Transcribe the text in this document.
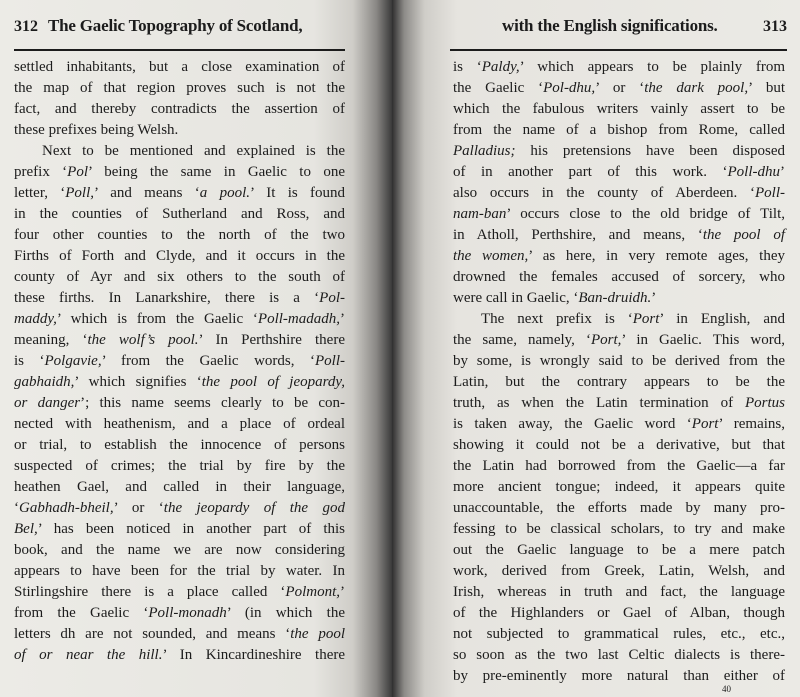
312 The Gaelic Topography of Scotland,
settled inhabitants, but a close examination of
the map of that region proves such is not the
fact, and thereby contradicts the assertion of
these prefixes being Welsh.
Next to be mentioned and explained is the
prefix ‘Pol’ being the same in Gaelic to one
letter, ‘Poll,’ and means ‘a pool.’ It is found
in the counties of Sutherland and Ross, and
four other counties to the north of the two
Firths of Forth and Clyde, and it occurs in the
county of Ayr and six others to the south of
these firths. In Lanarkshire, there is a ‘Pol-
maddy,’ which is from the Gaelic ‘Poll-madadh,’
meaning, ‘the wolf’s pool.’ In Perthshire there
is ‘Polgavie,’ from the Gaelic words, ‘Poll-
gabhaidh,’ which signifies ‘the pool of jeopardy,
or danger’; this name seems clearly to be con-
nected with heathenism, and a place of ordeal
or trial, to establish the innocence of persons
suspected of crimes; the trial by fire by the
heathen Gael, and called in their language,
‘Gabhadh-bheil,’ or ‘the jeopardy of the god
Bel,’ has been noticed in another part of this
book, and the name we are now considering
appears to have been for the trial by water. In
Stirlingshire there is a place called ‘Polmont,’
from the Gaelic ‘Poll-monadh’ (in which the
letters dh are not sounded, and means ‘the pool
of or near the hill.’ In Kincardineshire there
with the English significations.	313
is ‘Paldy,’ which appears to be plainly from
the Gaelic ‘Pol-dhu,’ or ‘the dark pool,’ but
which the fabulous writers vainly assert to be
from the name of a bishop from Rome, called
Palladius; his pretensions have been disposed
of in another part of this work. ‘Poll-dhu’
also occurs in the county of Aberdeen. ‘Poll-
nam-ban’ occurs close to the old bridge of Tilt,
in Atholl, Perthshire, and means, ‘the pool of
the women,’ as here, in very remote ages, they
drowned the females accused of sorcery, who
were call in Gaelic, ‘Ban-druidh.’
The next prefix is ‘Port’ in English, and
the same, namely, ‘Port,’ in Gaelic. This word,
by some, is wrongly said to be derived from the
Latin, but the contrary appears to be the
truth, as when the Latin termination of Portus
is taken away, the Gaelic word ‘Port’ remains,
showing it could not be a derivative, but that
the Latin had borrowed from the Gaelic—a far
more ancient tongue; indeed, it appears quite
unaccountable, the efforts made by many pro-
fessing to be classical scholars, to try and make
out the Gaelic language to be a mere patch
work, derived from Greek, Latin, Welsh, and
Irish, whereas in truth and fact, the language
of the Highlanders or Gael of Alban, though
not subjected to grammatical rules, etc., etc.,
so soon as the two last Celtic dialects is there-
by pre-eminently more natural than either of
40
